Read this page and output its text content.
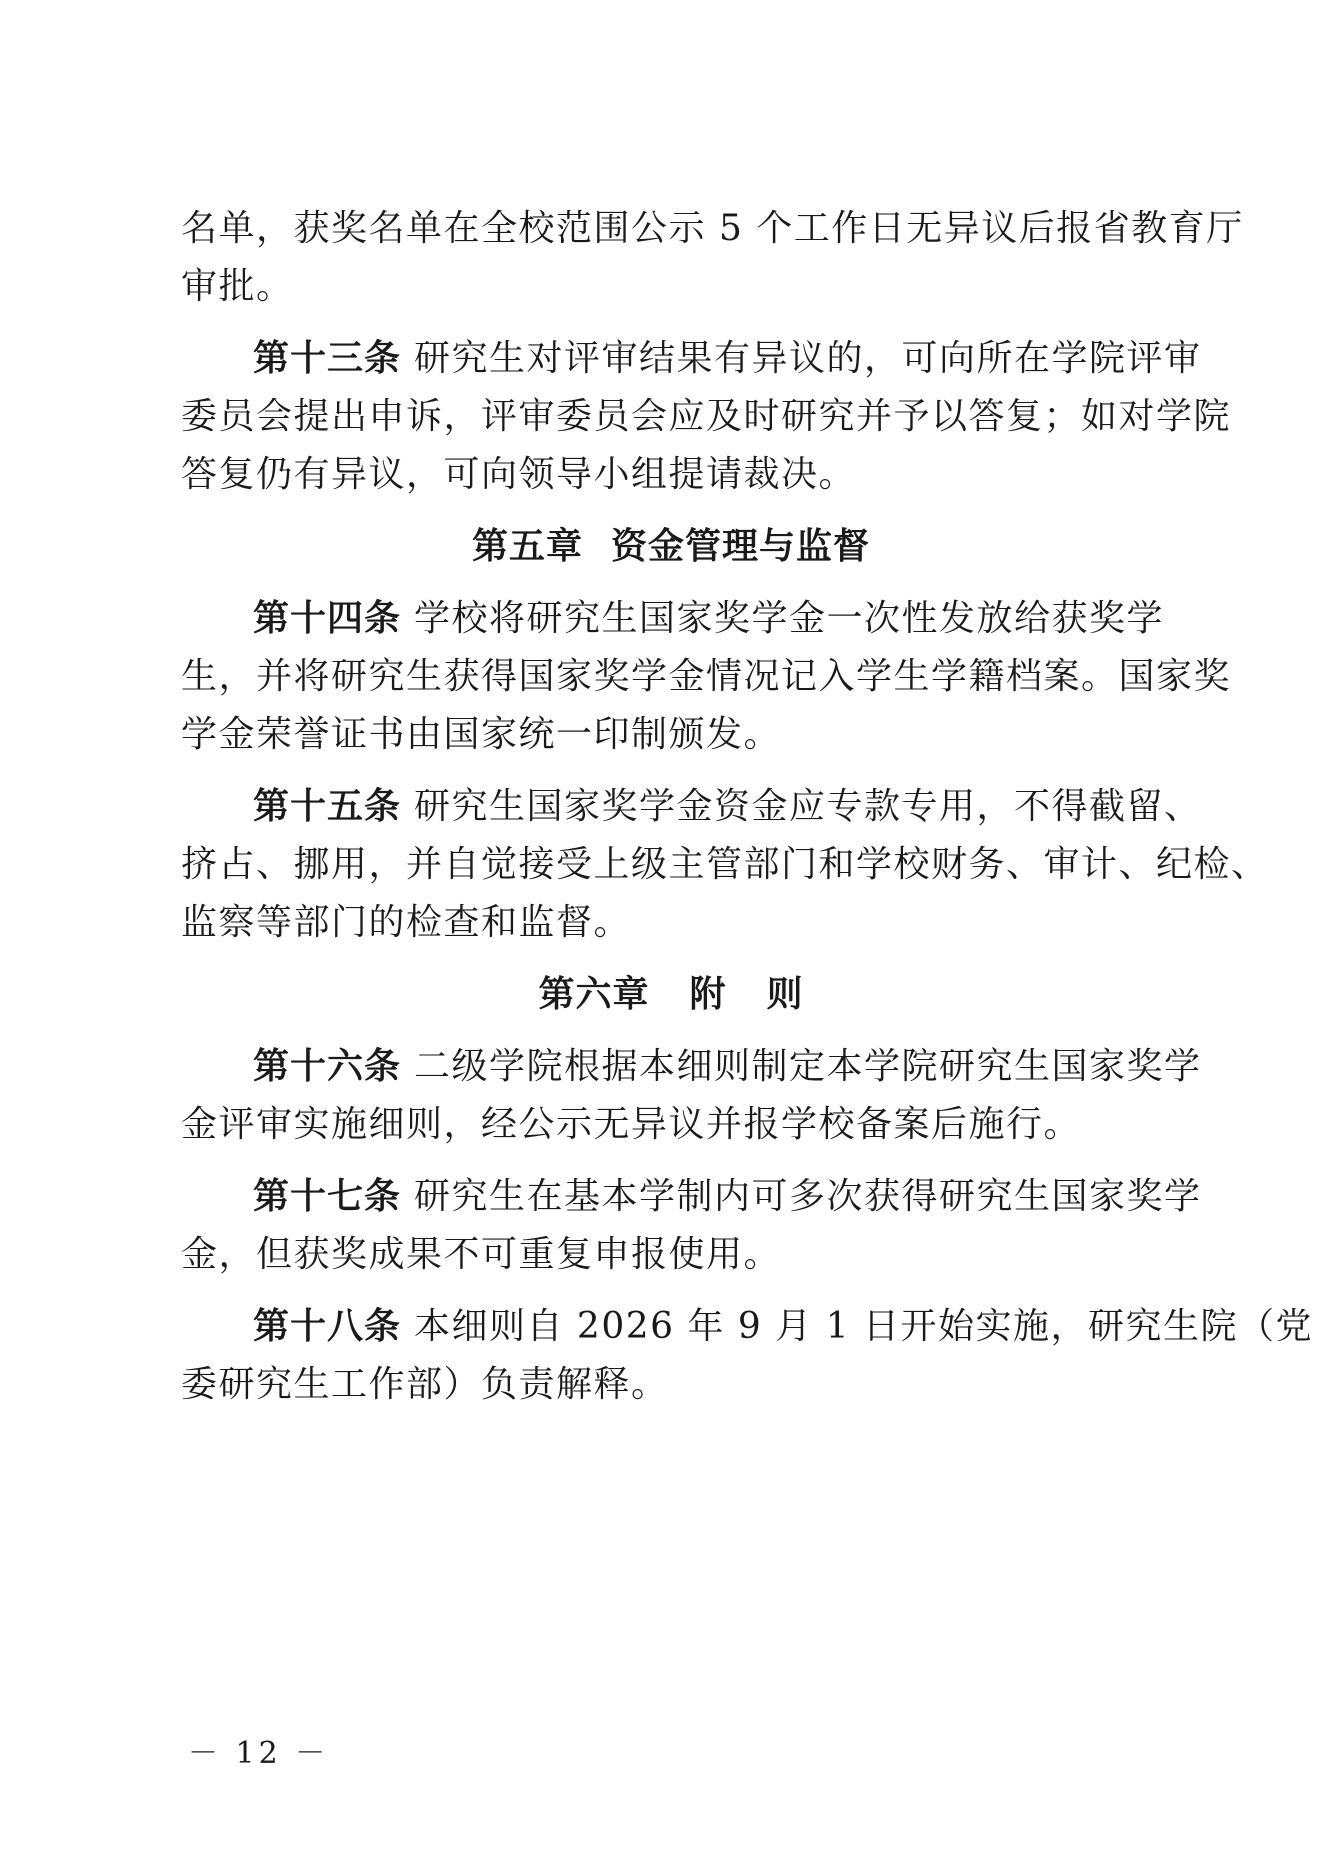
名单，获奖名单在全校范围公示 5 个工作日无异议后报省教育厅
审批。
第十三条 研究生对评审结果有异议的，可向所在学院评审
委员会提出申诉，评审委员会应及时研究并予以答复；如对学院
答复仍有异议，可向领导小组提请裁决。
第五章 资金管理与监督
第十四条 学校将研究生国家奖学金一次性发放给获奖学
生，并将研究生获得国家奖学金情况记入学生学籍档案。国家奖
学金荣誉证书由国家统一印制颁发。
第十五条 研究生国家奖学金资金应专款专用，不得截留、
挤占、挪用，并自觉接受上级主管部门和学校财务、审计、纪检、
监察等部门的检查和监督。
第六章 附 则
第十六条 二级学院根据本细则制定本学院研究生国家奖学
金评审实施细则，经公示无异议并报学校备案后施行。
第十七条 研究生在基本学制内可多次获得研究生国家奖学
金，但获奖成果不可重复申报使用。
第十八条 本细则自 2026 年 9 月 1 日开始实施，研究生院（党
委研究生工作部）负责解释。
－ 12 －
